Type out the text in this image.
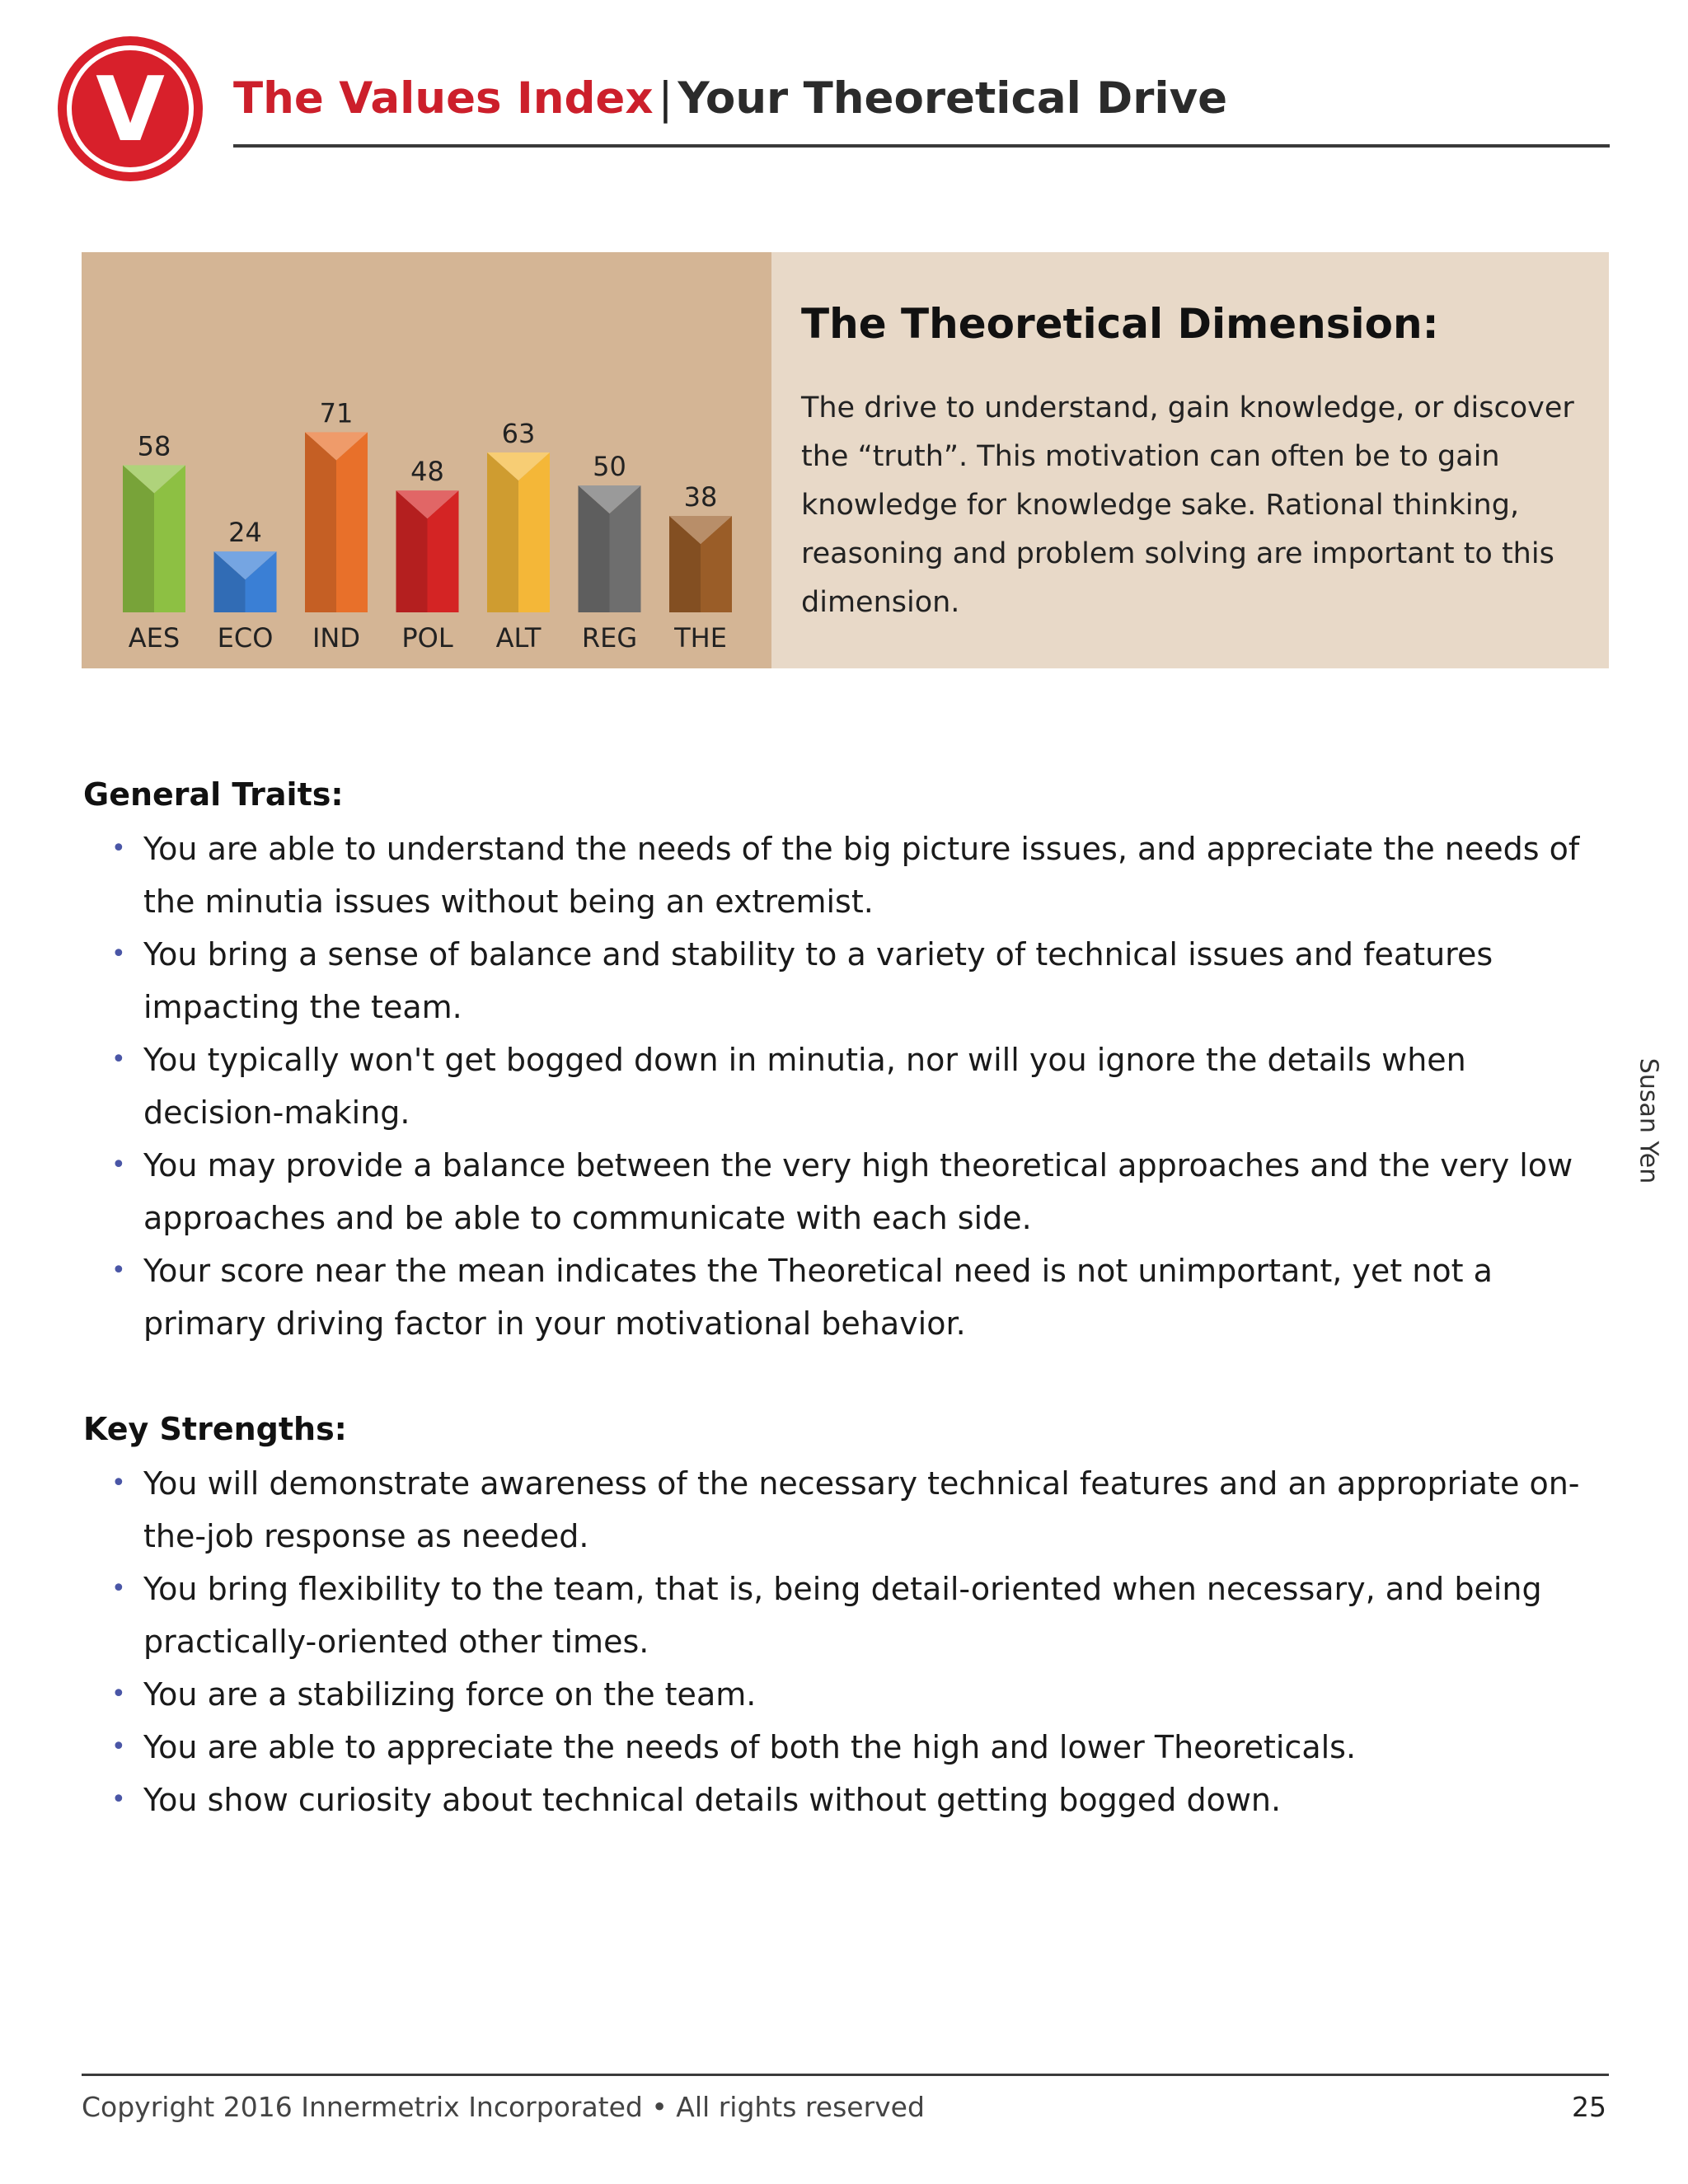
V The Values Index | Your Theoretical Drive
58
AES
24
ECO
71
IND
48
POL
63
ALT
50
REG
38
THE
The Theoretical Dimension:
The drive to understand, gain knowledge, or discover the “truth”. This motivation can often be to gain knowledge for knowledge sake. Rational thinking, reasoning and problem solving are important to this dimension.
General Traits:
• You are able to understand the needs of the big picture issues, and appreciate the needs of the minutia issues without being an extremist.
• You bring a sense of balance and stability to a variety of technical issues and features impacting the team.
• You typically won't get bogged down in minutia, nor will you ignore the details when decision-making.
• You may provide a balance between the very high theoretical approaches and the very low approaches and be able to communicate with each side.
• Your score near the mean indicates the Theoretical need is not unimportant, yet not a primary driving factor in your motivational behavior.
Key Strengths:
• You will demonstrate awareness of the necessary technical features and an appropriate on-the-job response as needed.
• You bring flexibility to the team, that is, being detail-oriented when necessary, and being practically-oriented other times.
• You are a stabilizing force on the team.
• You are able to appreciate the needs of both the high and lower Theoreticals.
• You show curiosity about technical details without getting bogged down.
Susan Yen
Copyright 2016 Innermetrix Incorporated • All rights reserved	25
